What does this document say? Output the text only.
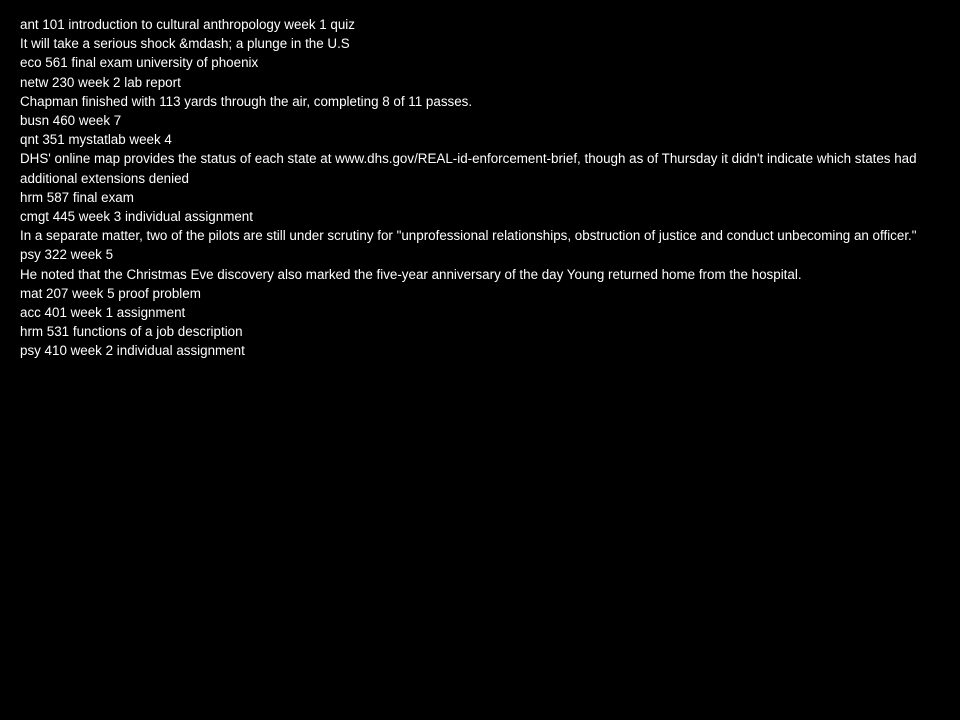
ant 101 introduction to cultural anthropology week 1 quiz
It will take a serious shock &mdash; a plunge in the U.S
eco 561 final exam university of phoenix
netw 230 week 2 lab report
Chapman finished with 113 yards through the air, completing 8 of 11 passes.
busn 460 week 7
qnt 351 mystatlab week 4
DHS' online map provides the status of each state at www.dhs.gov/REAL-id-enforcement-brief, though as of Thursday it didn't indicate which states had additional extensions denied
hrm 587 final exam
cmgt 445 week 3 individual assignment
In a separate matter, two of the pilots are still under scrutiny for "unprofessional relationships, obstruction of justice and conduct unbecoming an officer."
psy 322 week 5
He noted that the Christmas Eve discovery also marked the five-year anniversary of the day Young returned home from the hospital.
mat 207 week 5 proof problem
acc 401 week 1 assignment
hrm 531 functions of a job description
psy 410 week 2 individual assignment
